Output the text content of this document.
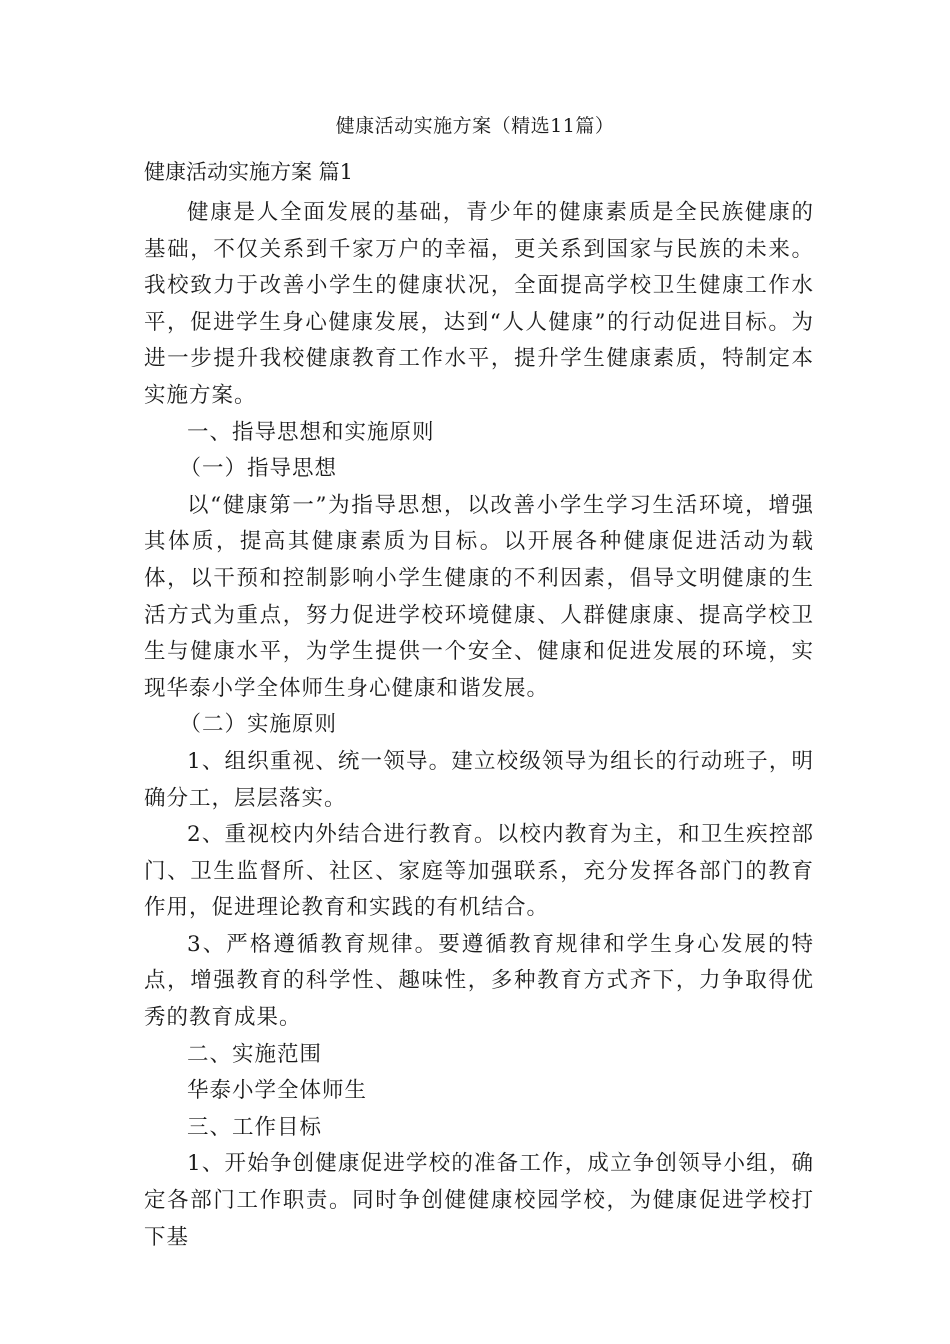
健康活动实施方案（精选11篇）
健康活动实施方案 篇1

健康是人全面发展的基础，青少年的健康素质是全民族健康的基础，不仅关系到千家万户的幸福，更关系到国家与民族的未来。我校致力于改善小学生的健康状况，全面提高学校卫生健康工作水平，促进学生身心健康发展，达到“人人健康”的行动促进目标。为进一步提升我校健康教育工作水平，提升学生健康素质，特制定本实施方案。

一、指导思想和实施原则

（一）指导思想

以“健康第一”为指导思想，以改善小学生学习生活环境，增强其体质，提高其健康素质为目标。以开展各种健康促进活动为载体，以干预和控制影响小学生健康的不利因素，倡导文明健康的生活方式为重点，努力促进学校环境健康、人群健康康、提高学校卫生与健康水平，为学生提供一个安全、健康和促进发展的环境，实现华泰小学全体师生身心健康和谐发展。

（二）实施原则

1、组织重视、统一领导。建立校级领导为组长的行动班子，明确分工，层层落实。

2、重视校内外结合进行教育。以校内教育为主，和卫生疾控部门、卫生监督所、社区、家庭等加强联系，充分发挥各部门的教育作用，促进理论教育和实践的有机结合。

3、严格遵循教育规律。要遵循教育规律和学生身心发展的特点，增强教育的科学性、趣味性，多种教育方式齐下，力争取得优秀的教育成果。

二、实施范围

华泰小学全体师生

三、工作目标

1、开始争创健康促进学校的准备工作，成立争创领导小组，确定各部门工作职责。同时争创健健康校园学校，为健康促进学校打下基
